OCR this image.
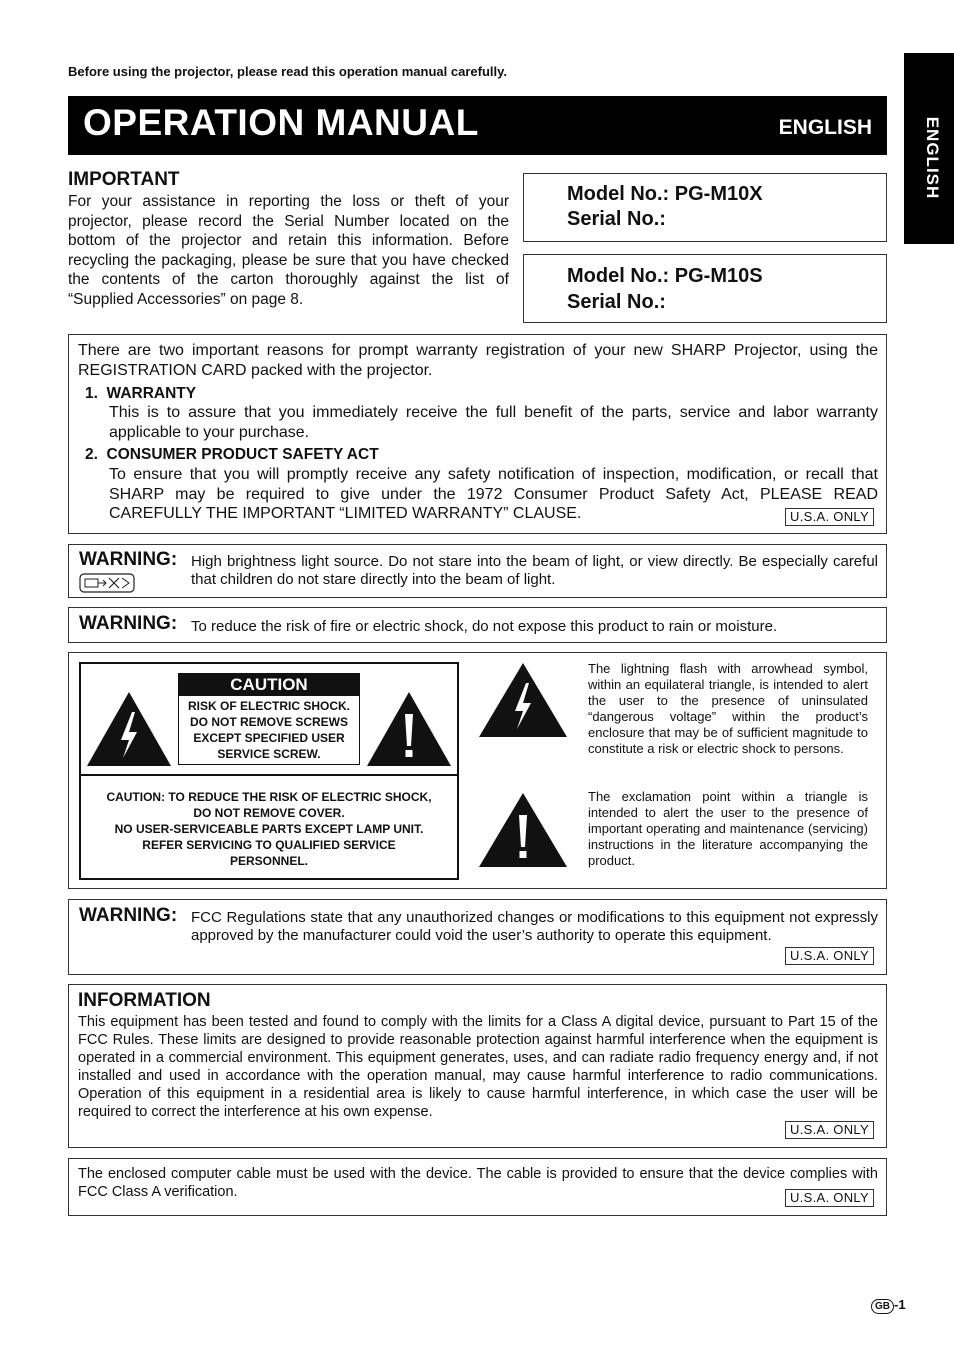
Before using the projector, please read this operation manual carefully.
OPERATION MANUAL	ENGLISH	ENGLISH
IMPORTANT
For your assistance in reporting the loss or theft of your projector, please record the Serial Number located on the bottom of the projector and retain this information. Before recycling the packaging, please be sure that you have checked the contents of the carton thoroughly against the list of “Supplied Accessories” on page 8.
Model No.: PG-M10X
Serial No.:
Model No.: PG-M10S
Serial No.:
There are two important reasons for prompt warranty registration of your new SHARP Projector, using the REGISTRATION CARD packed with the projector.
1.  WARRANTY
This is to assure that you immediately receive the full benefit of the parts, service and labor warranty applicable to your purchase.
2.  CONSUMER PRODUCT SAFETY ACT
To ensure that you will promptly receive any safety notification of inspection, modification, or recall that SHARP may be required to give under the 1972 Consumer Product Safety Act, PLEASE READ CAREFULLY THE IMPORTANT “LIMITED WARRANTY” CLAUSE.	U.S.A. ONLY
WARNING: High brightness light source. Do not stare into the beam of light, or view directly. Be especially careful that children do not stare directly into the beam of light.
WARNING: To reduce the risk of fire or electric shock, do not expose this product to rain or moisture.
CAUTION
RISK OF ELECTRIC SHOCK.
DO NOT REMOVE SCREWS
EXCEPT SPECIFIED USER
SERVICE SCREW.
CAUTION: TO REDUCE THE RISK OF ELECTRIC SHOCK,
DO NOT REMOVE COVER.
NO USER-SERVICEABLE PARTS EXCEPT LAMP UNIT.
REFER SERVICING TO QUALIFIED SERVICE
PERSONNEL.
The lightning flash with arrowhead symbol, within an equilateral triangle, is intended to alert the user to the presence of uninsulated “dangerous voltage” within the product’s enclosure that may be of sufficient magnitude to constitute a risk or electric shock to persons.
The exclamation point within a triangle is intended to alert the user to the presence of important operating and maintenance (servicing) instructions in the literature accompanying the product.
WARNING: FCC Regulations state that any unauthorized changes or modifications to this equipment not expressly approved by the manufacturer could void the user’s authority to operate this equipment.
U.S.A. ONLY
INFORMATION
This equipment has been tested and found to comply with the limits for a Class A digital device, pursuant to Part 15 of the FCC Rules. These limits are designed to provide reasonable protection against harmful interference when the equipment is operated in a commercial environment. This equipment generates, uses, and can radiate radio frequency energy and, if not installed and used in accordance with the operation manual, may cause harmful interference to radio communications. Operation of this equipment in a residential area is likely to cause harmful interference, in which case the user will be required to correct the interference at his own expense.
U.S.A. ONLY
The enclosed computer cable must be used with the device. The cable is provided to ensure that the device complies with FCC Class A verification.	U.S.A. ONLY
GB -1
